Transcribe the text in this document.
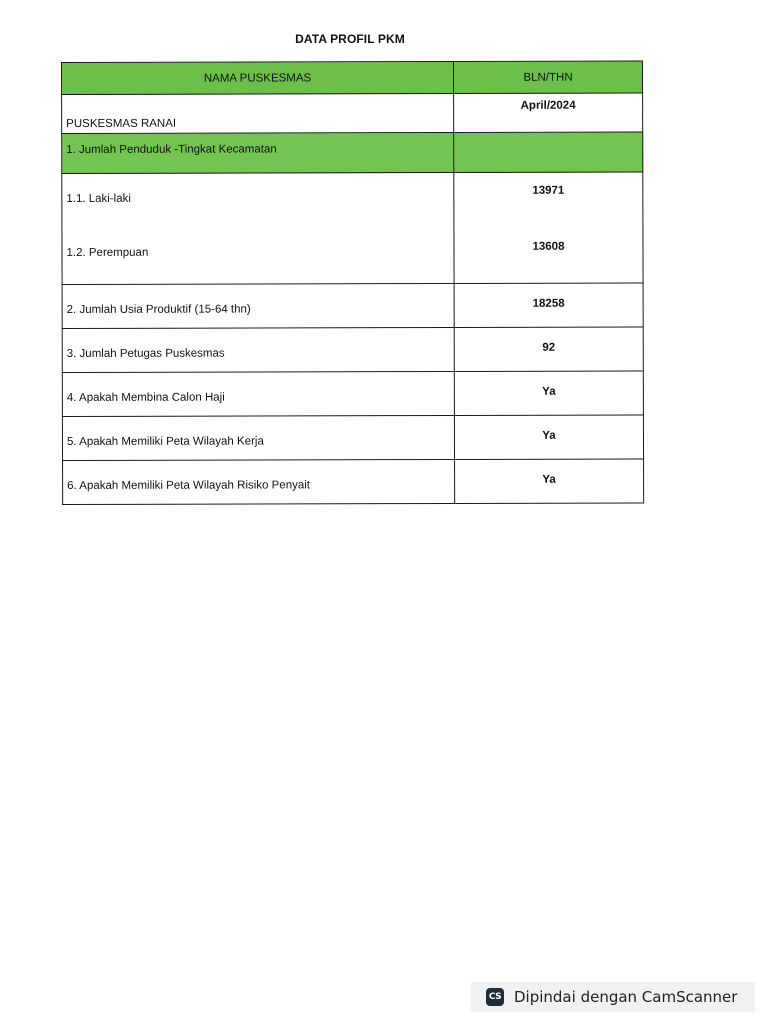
DATA PROFIL PKM
NAMA PUSKESMAS	BLN/THN
PUSKESMAS RANAI	April/2024
1. Jumlah Penduduk -Tingkat Kecamatan	
1.1. Laki-laki	13971
1.2. Perempuan	13608
2. Jumlah Usia Produktif (15-64 thn)	18258
3. Jumlah Petugas Puskesmas	92
4. Apakah Membina Calon Haji	Ya
5. Apakah Memiliki Peta Wilayah Kerja	Ya
6. Apakah Memiliki Peta Wilayah Risiko Penyait	Ya
CS Dipindai dengan CamScanner
